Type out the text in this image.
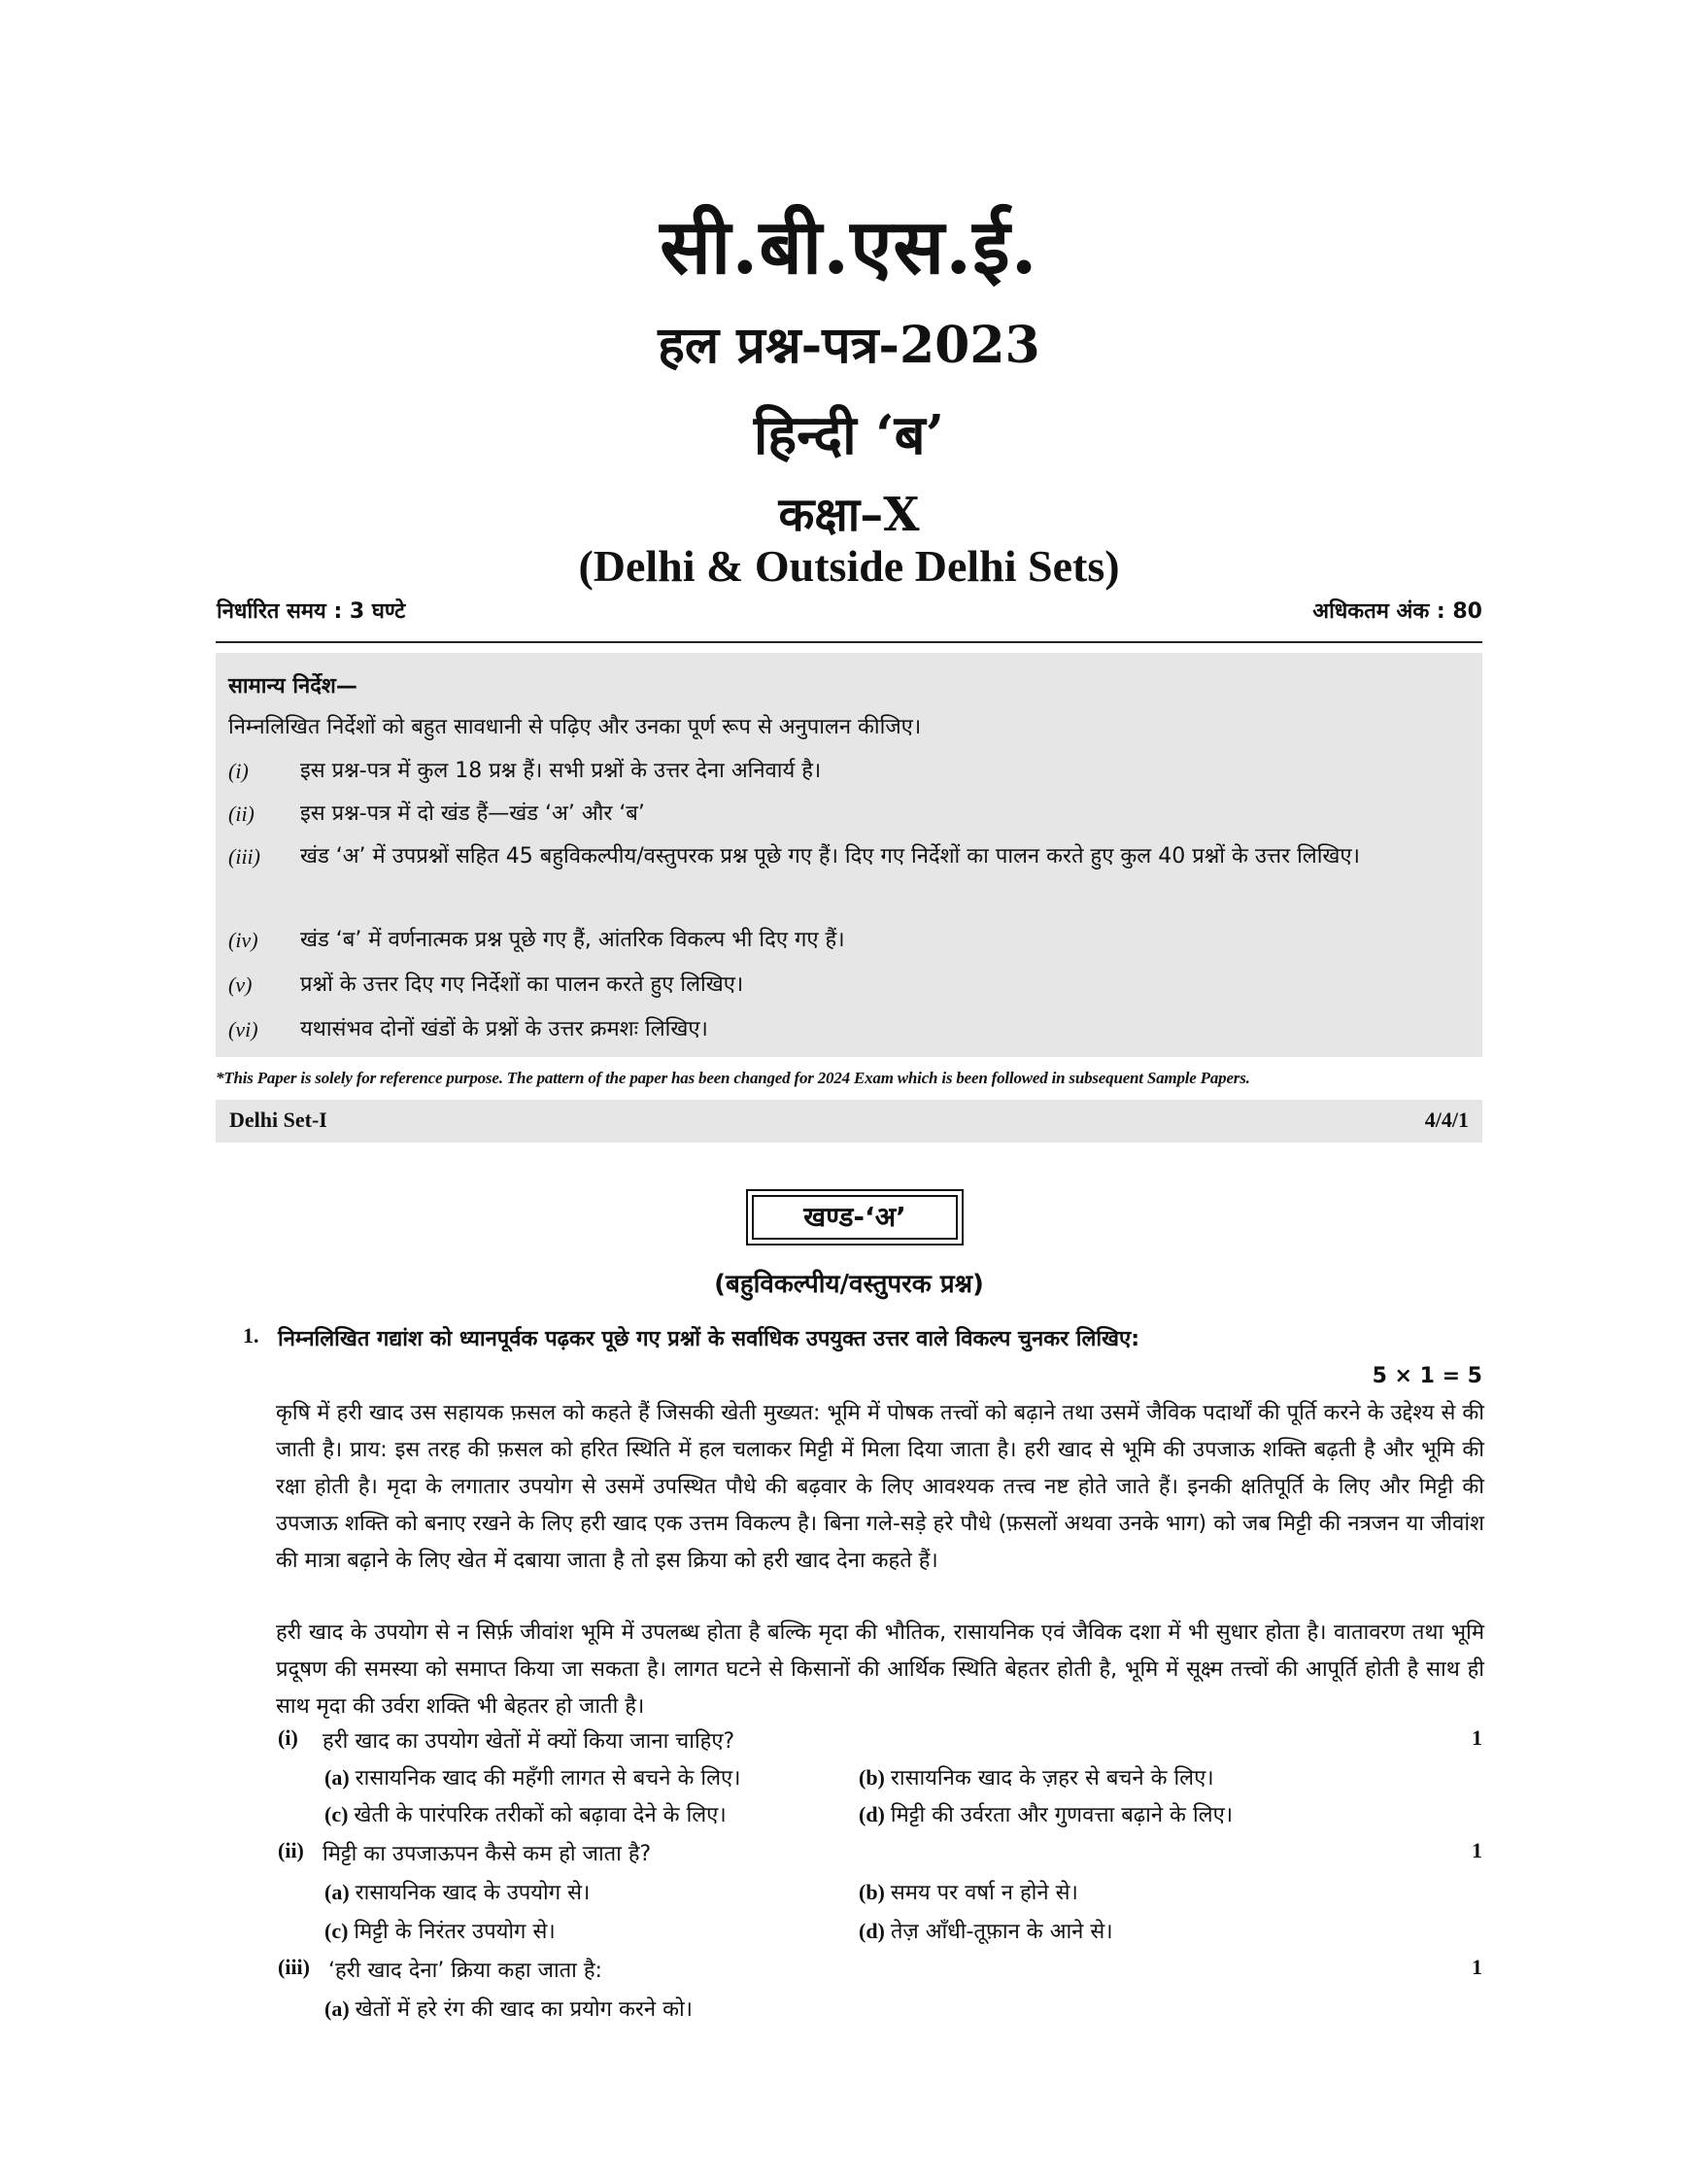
सी.बी.एस.ई.
हल प्रश्न-पत्र-2023
हिन्दी ‘ब’
कक्षा–X
(Delhi & Outside Delhi Sets)
निर्धारित समय : 3 घण्टे	अधिकतम अंक : 80
सामान्य निर्देश—
निम्नलिखित निर्देशों को बहुत सावधानी से पढ़िए और उनका पूर्ण रूप से अनुपालन कीजिए।
(i) इस प्रश्न-पत्र में कुल 18 प्रश्न हैं। सभी प्रश्नों के उत्तर देना अनिवार्य है।
(ii) इस प्रश्न-पत्र में दो खंड हैं—खंड ‘अ’ और ‘ब’
(iii) खंड ‘अ’ में उपप्रश्नों सहित 45 बहुविकल्पीय/वस्तुपरक प्रश्न पूछे गए हैं। दिए गए निर्देशों का पालन करते हुए कुल 40 प्रश्नों के उत्तर लिखिए।
(iv) खंड ‘ब’ में वर्णनात्मक प्रश्न पूछे गए हैं, आंतरिक विकल्प भी दिए गए हैं।
(v) प्रश्नों के उत्तर दिए गए निर्देशों का पालन करते हुए लिखिए।
(vi) यथासंभव दोनों खंडों के प्रश्नों के उत्तर क्रमशः लिखिए।
*This Paper is solely for reference purpose. The pattern of the paper has been changed for 2024 Exam which is been followed in subsequent Sample Papers.
Delhi Set-I	4/4/1
खण्ड-‘अ’
(बहुविकल्पीय/वस्तुपरक प्रश्न)
1. निम्नलिखित गद्यांश को ध्यानपूर्वक पढ़कर पूछे गए प्रश्नों के सर्वाधिक उपयुक्त उत्तर वाले विकल्प चुनकर लिखिए:
5 × 1 = 5
कृषि में हरी खाद उस सहायक फ़सल को कहते हैं जिसकी खेती मुख्यत: भूमि में पोषक तत्त्वों को बढ़ाने तथा उसमें जैविक पदार्थों की पूर्ति करने के उद्देश्य से की जाती है। प्राय: इस तरह की फ़सल को हरित स्थिति में हल चलाकर मिट्टी में मिला दिया जाता है। हरी खाद से भूमि की उपजाऊ शक्ति बढ़ती है और भूमि की रक्षा होती है। मृदा के लगातार उपयोग से उसमें उपस्थित पौधे की बढ़वार के लिए आवश्यक तत्त्व नष्ट होते जाते हैं। इनकी क्षतिपूर्ति के लिए और मिट्टी की उपजाऊ शक्ति को बनाए रखने के लिए हरी खाद एक उत्तम विकल्प है। बिना गले-सड़े हरे पौधे (फ़सलों अथवा उनके भाग) को जब मिट्टी की नत्रजन या जीवांश की मात्रा बढ़ाने के लिए खेत में दबाया जाता है तो इस क्रिया को हरी खाद देना कहते हैं।
हरी खाद के उपयोग से न सिर्फ़ जीवांश भूमि में उपलब्ध होता है बल्कि मृदा की भौतिक, रासायनिक एवं जैविक दशा में भी सुधार होता है। वातावरण तथा भूमि प्रदूषण की समस्या को समाप्त किया जा सकता है। लागत घटने से किसानों की आर्थिक स्थिति बेहतर होती है, भूमि में सूक्ष्म तत्त्वों की आपूर्ति होती है साथ ही साथ मृदा की उर्वरा शक्ति भी बेहतर हो जाती है।
(i) हरी खाद का उपयोग खेतों में क्यों किया जाना चाहिए?	1
(a) रासायनिक खाद की महँगी लागत से बचने के लिए।	(b) रासायनिक खाद के ज़हर से बचने के लिए।
(c) खेती के पारंपरिक तरीकों को बढ़ावा देने के लिए।	(d) मिट्टी की उर्वरता और गुणवत्ता बढ़ाने के लिए।
(ii) मिट्टी का उपजाऊपन कैसे कम हो जाता है?	1
(a) रासायनिक खाद के उपयोग से।	(b) समय पर वर्षा न होने से।
(c) मिट्टी के निरंतर उपयोग से।	(d) तेज़ आँधी-तूफ़ान के आने से।
(iii) ‘हरी खाद देना’ क्रिया कहा जाता है:	1
(a) खेतों में हरे रंग की खाद का प्रयोग करने को।
